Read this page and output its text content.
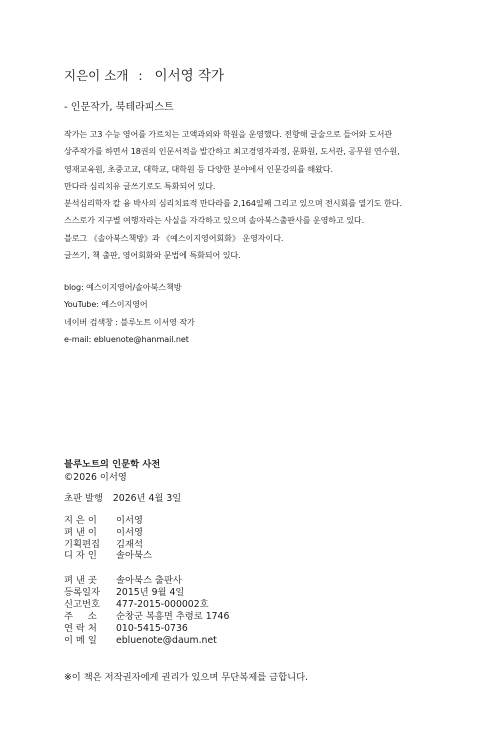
지은이 소개 : 이서영 작가
- 인문작가, 북테라피스트

작가는 고3 수능 영어를 가르치는 고액과외와 학원을 운영했다. 전향해 글술으로 들어와 도서관

상주작가를 하면서 18권의 인문서적을 발간하고 최고경영자과정, 문화원, 도서관, 공무원 연수원,

영재교육원, 초중고교, 대학교, 대학원 등 다양한 분야에서 인문강의를 해왔다.

만다라 심리치유 글쓰기로도 특화되어 있다.

분석심리학자 칼 융 박사의 심리치료적 만다라를 2,164일째 그리고 있으며 전시회를 열기도 한다.

스스로가 지구별 여행자라는 사실을 자각하고 있으며 솔아북스출판사를 운영하고 있다.

블로그 《솔아북스책방》과 《예스이지영어회화》 운영자이다.

글쓰기, 책 출판, 영어회화와 문법에 특화되어 있다.

blog: 예스이지영어/솔아북스책방

YouTube: 예스이지영어

네이버 검색창 : 블루노트 이서영 작가

e-mail: ebluenote@hanmail.net

블루노트의 인문학 사전
©2026 이서영
초판 발행 2026년 4월 3일
지 은 이 이서영
펴 낸 이 이서영
기획편집 김재석
디 자 인 솔아북스
펴 낸 곳 솔아북스 출판사
등록일자 2015년 9월 4일
신고번호 477-2015-000002호
주     소 순창군 복흥면 추령로 1746
연 락 처 010-5415-0736
이 메 일 ebluenote@daum.net
※이 책은 저작권자에게 권리가 있으며 무단복제를 금합니다.
